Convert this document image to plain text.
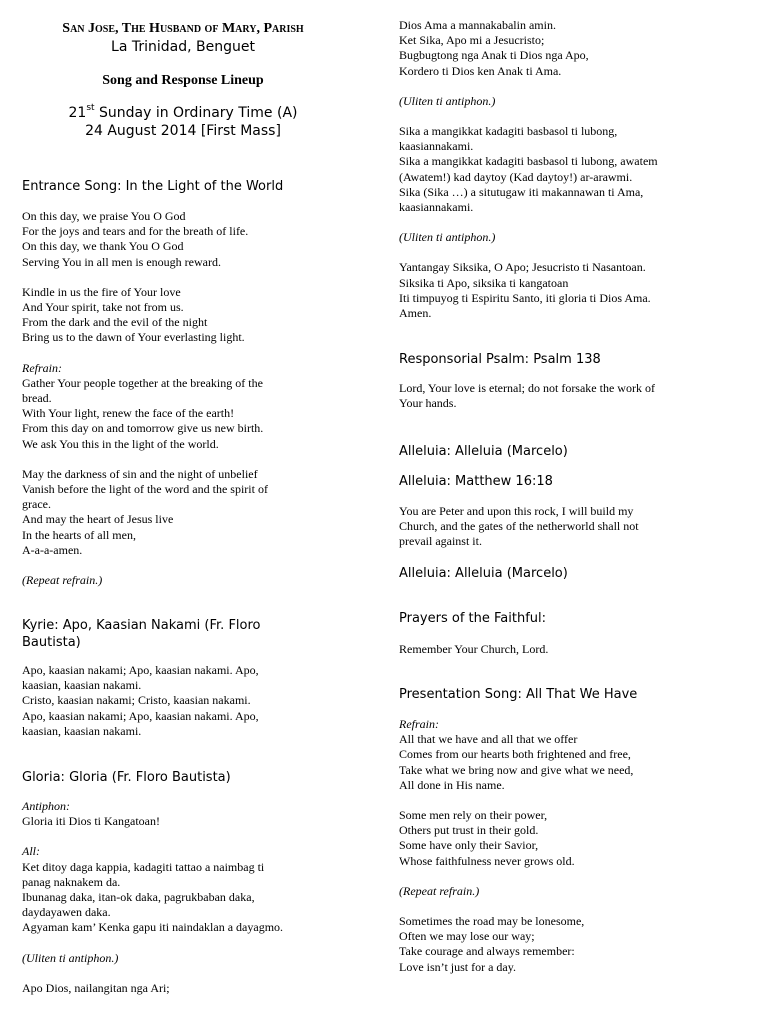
San Jose, The Husband of Mary, Parish
La Trinidad, Benguet
Song and Response Lineup
21st Sunday in Ordinary Time (A)
24 August 2014 [First Mass]
Entrance Song: In the Light of the World
On this day, we praise You O God
For the joys and tears and for the breath of life.
On this day, we thank You O God
Serving You in all men is enough reward.
Kindle in us the fire of Your love
And Your spirit, take not from us.
From the dark and the evil of the night
Bring us to the dawn of Your everlasting light.
Refrain:
Gather Your people together at the breaking of the
bread.
With Your light, renew the face of the earth!
From this day on and tomorrow give us new birth.
We ask You this in the light of the world.
May the darkness of sin and the night of unbelief
Vanish before the light of the word and the spirit of
grace.
And may the heart of Jesus live
In the hearts of all men,
A-a-a-amen.
(Repeat refrain.)
Kyrie: Apo, Kaasian Nakami (Fr. Floro
Bautista)
Apo, kaasian nakami; Apo, kaasian nakami. Apo,
kaasian, kaasian nakami.
Cristo, kaasian nakami; Cristo, kaasian nakami.
Apo, kaasian nakami; Apo, kaasian nakami. Apo,
kaasian, kaasian nakami.
Gloria: Gloria (Fr. Floro Bautista)
Antiphon:
Gloria iti Dios ti Kangatoan!
All:
Ket ditoy daga kappia, kadagiti tattao a naimbag ti
panag naknakem da.
Ibunanag daka, itan-ok daka, pagrukbaban daka,
daydayawen daka.
Agyaman kam’ Kenka gapu iti naindaklan a dayagmo.
(Uliten ti antiphon.)
Apo Dios, nailangitan nga Ari;
Dios Ama a mannakabalin amin.
Ket Sika, Apo mi a Jesucristo;
Bugbugtong nga Anak ti Dios nga Apo,
Kordero ti Dios ken Anak ti Ama.
(Uliten ti antiphon.)
Sika a mangikkat kadagiti basbasol ti lubong,
kaasiannakami.
Sika a mangikkat kadagiti basbasol ti lubong, awatem
(Awatem!) kad daytoy (Kad daytoy!) ar-arawmi.
Sika (Sika …) a situtugaw iti makannawan ti Ama,
kaasiannakami.
(Uliten ti antiphon.)
Yantangay Siksika, O Apo; Jesucristo ti Nasantoan.
Siksika ti Apo, siksika ti kangatoan
Iti timpuyog ti Espiritu Santo, iti gloria ti Dios Ama.
Amen.
Responsorial Psalm: Psalm 138
Lord, Your love is eternal; do not forsake the work of
Your hands.
Alleluia: Alleluia (Marcelo)
Alleluia: Matthew 16:18
You are Peter and upon this rock, I will build my
Church, and the gates of the netherworld shall not
prevail against it.
Alleluia: Alleluia (Marcelo)
Prayers of the Faithful:
Remember Your Church, Lord.
Presentation Song: All That We Have
Refrain:
All that we have and all that we offer
Comes from our hearts both frightened and free,
Take what we bring now and give what we need,
All done in His name.
Some men rely on their power,
Others put trust in their gold.
Some have only their Savior,
Whose faithfulness never grows old.
(Repeat refrain.)
Sometimes the road may be lonesome,
Often we may lose our way;
Take courage and always remember:
Love isn’t just for a day.
